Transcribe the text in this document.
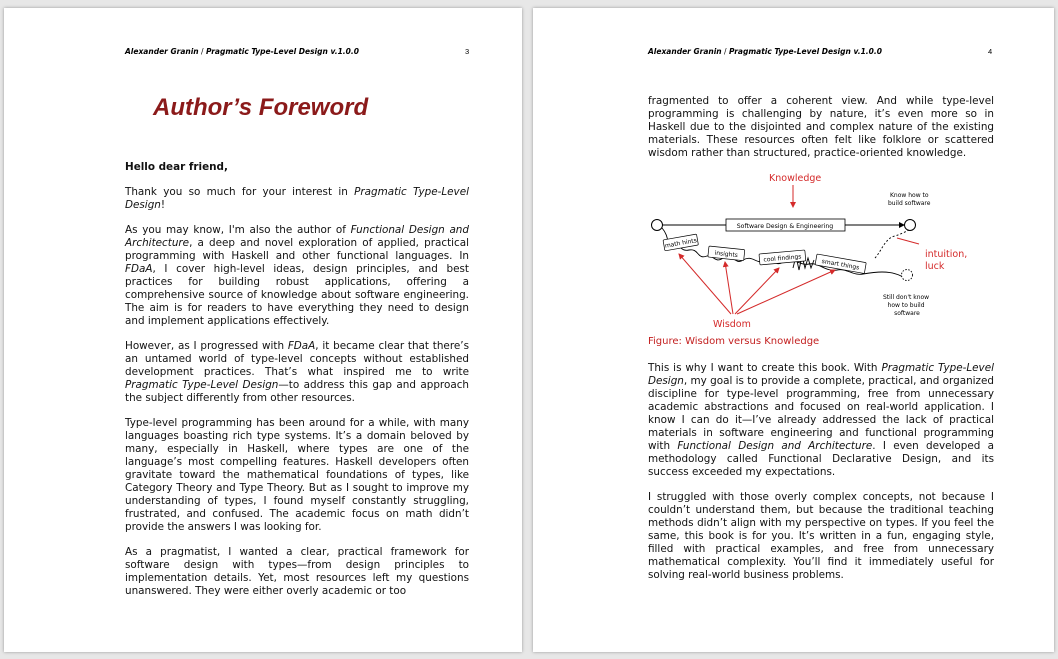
Alexander Granin / Pragmatic Type-Level Design v.1.0.0	3
Author’s Foreword

Hello dear friend,

Thank you so much for your interest in Pragmatic Type-Level Design!

As you may know, I'm also the author of Functional Design and Architecture, a deep and novel exploration of applied, practical programming with Haskell and other functional languages. In FDaA, I cover high-level ideas, design principles, and best practices for building robust applications, offering a comprehensive source of knowledge about software engineering. The aim is for readers to have everything they need to design and implement applications effectively.

However, as I progressed with FDaA, it became clear that there’s an untamed world of type-level concepts without established development practices. That’s what inspired me to write Pragmatic Type-Level Design—to address this gap and approach the subject differently from other resources.

Type-level programming has been around for a while, with many languages boasting rich type systems. It’s a domain beloved by many, especially in Haskell, where types are one of the language’s most compelling features. Haskell developers often gravitate toward the mathematical foundations of types, like Category Theory and Type Theory. But as I sought to improve my understanding of types, I found myself constantly struggling, frustrated, and confused. The academic focus on math didn’t provide the answers I was looking for.

As a pragmatist, I wanted a clear, practical framework for software design with types—from design principles to implementation details. Yet, most resources left my questions unanswered. They were either overly academic or too

Alexander Granin / Pragmatic Type-Level Design v.1.0.0	4

fragmented to offer a coherent view. And while type-level programming is challenging by nature, it’s even more so in Haskell due to the disjointed and complex nature of the existing materials. These resources often felt like folklore or scattered wisdom rather than structured, practice-oriented knowledge.

Knowledge
Know how to build software
Software Design & Engineering
math hints
insights	cool findings	smart things
intuition, luck
Still don't know how to build software
Wisdom
Figure: Wisdom versus Knowledge

This is why I want to create this book. With Pragmatic Type-Level Design, my goal is to provide a complete, practical, and organized discipline for type-level programming, free from unnecessary academic abstractions and focused on real-world application. I know I can do it—I’ve already addressed the lack of practical materials in software engineering and functional programming with Functional Design and Architecture. I even developed a methodology called Functional Declarative Design, and its success exceeded my expectations.

I struggled with those overly complex concepts, not because I couldn’t understand them, but because the traditional teaching methods didn’t align with my perspective on types. If you feel the same, this book is for you. It’s written in a fun, engaging style, filled with practical examples, and free from unnecessary mathematical complexity. You’ll find it immediately useful for solving real-world business problems.
